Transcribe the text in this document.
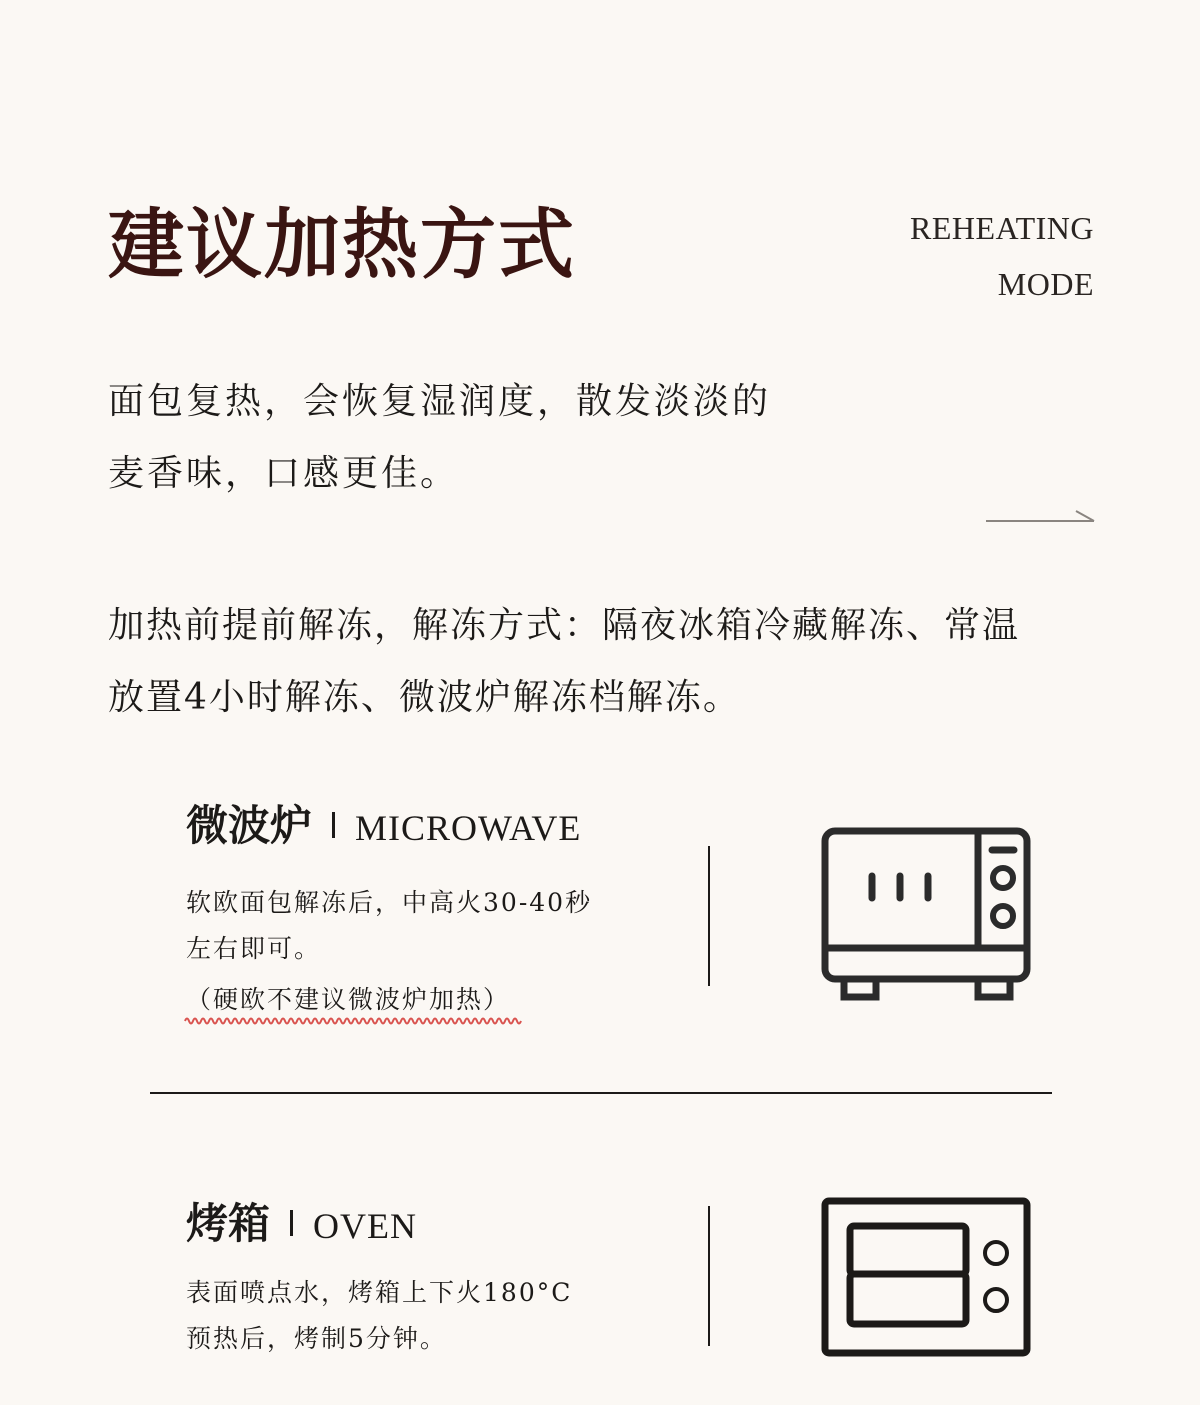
建议加热方式	REHEATING
MODE
面包复热，会恢复湿润度，散发淡淡的
麦香味，口感更佳。
加热前提前解冻，解冻方式：隔夜冰箱冷藏解冻、常温
放置4小时解冻、微波炉解冻档解冻。
微波炉 MICROWAVE
软欧面包解冻后，中高火30-40秒
左右即可。
（硬欧不建议微波炉加热）
烤箱 OVEN
表面喷点水，烤箱上下火180°C
预热后，烤制5分钟。
